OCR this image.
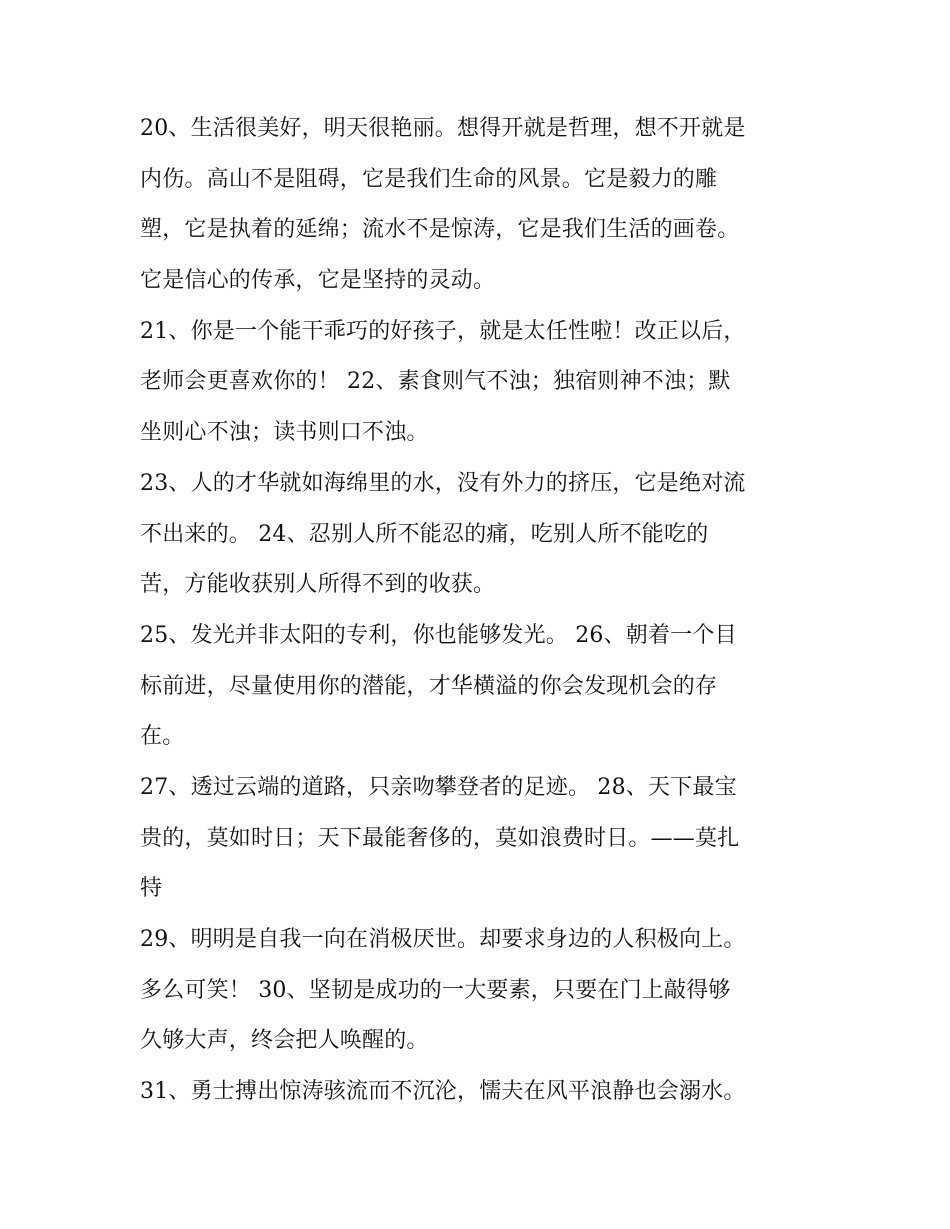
20、生活很美好，明天很艳丽。想得开就是哲理，想不开就是
内伤。高山不是阻碍，它是我们生命的风景。它是毅力的雕
塑，它是执着的延绵；流水不是惊涛，它是我们生活的画卷。
它是信心的传承，它是坚持的灵动。
21、你是一个能干乖巧的好孩子，就是太任性啦！改正以后，
老师会更喜欢你的！ 22、素食则气不浊；独宿则神不浊；默
坐则心不浊；读书则口不浊。
23、人的才华就如海绵里的水，没有外力的挤压，它是绝对流
不出来的。 24、忍别人所不能忍的痛，吃别人所不能吃的
苦，方能收获别人所得不到的收获。
25、发光并非太阳的专利，你也能够发光。 26、朝着一个目
标前进，尽量使用你的潜能，才华横溢的你会发现机会的存
在。
27、透过云端的道路，只亲吻攀登者的足迹。 28、天下最宝
贵的，莫如时日；天下最能奢侈的，莫如浪费时日。——莫扎
特
29、明明是自我一向在消极厌世。却要求身边的人积极向上。
多么可笑！ 30、坚韧是成功的一大要素，只要在门上敲得够
久够大声，终会把人唤醒的。
31、勇士搏出惊涛骇流而不沉沦，懦夫在风平浪静也会溺水。
